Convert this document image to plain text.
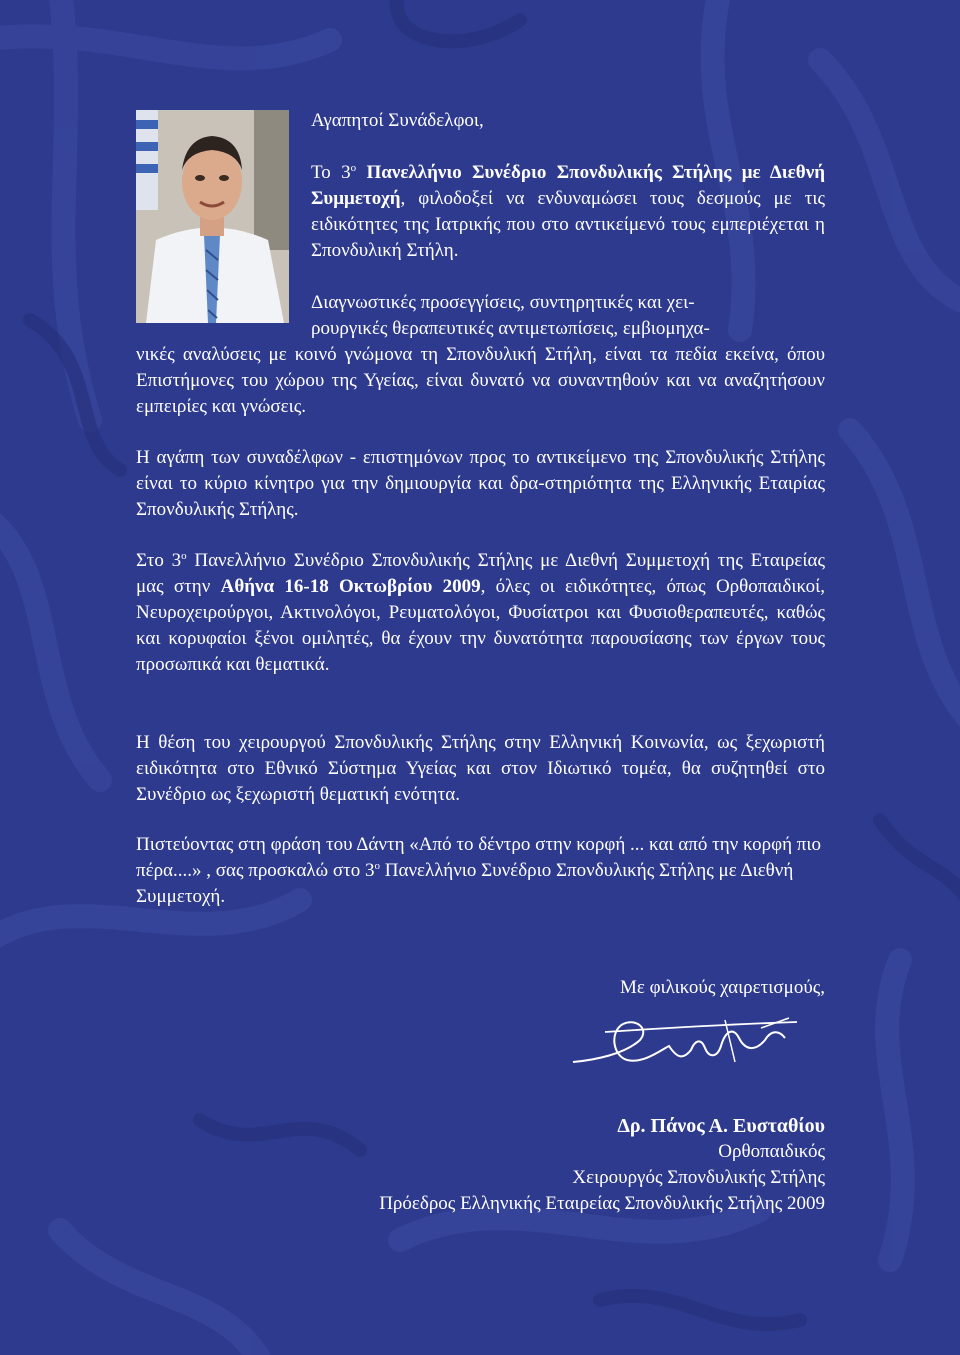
Αγαπητοί Συνάδελφοι,
Το $3^o$ Πανελλήνιο Συνέδριο Σπονδυλικής Στήλης με Διεθνή Συμμετοχή, φιλοδοξεί να ενδυναμώσει τους δεσμούς με τις ειδικότητες της Ιατρικής που στο αντικείμενό τους εμπεριέχεται η Σπονδυλική Στήλη.
Διαγνωστικές προσεγγίσεις, συντηρητικές και χει-
ρουργικές θεραπευτικές αντιμετωπίσεις, εμβιομηχα-
νικές αναλύσεις με κοινό γνώμονα τη Σπονδυλική Στήλη, είναι τα πεδία εκείνα, όπου Επιστήμονες του χώρου της Υγείας, είναι δυνατό να συναντηθούν και να αναζητήσουν εμπειρίες και γνώσεις.
Η αγάπη των συναδέλφων - επιστημόνων προς το αντικείμενο της Σπονδυλικής Στήλης είναι το κύριο κίνητρο για την δημιουργία και δρα-στηριότητα της Ελληνικής Εταιρίας Σπονδυλικής Στήλης.
Στο $3^o$ Πανελλήνιο Συνέδριο Σπονδυλικής Στήλης με Διεθνή Συμμετοχή της Εταιρείας μας στην Αθήνα 16-18 Οκτωβρίου 2009, όλες οι ειδικότητες, όπως Ορθοπαιδικοί, Νευροχειρούργοι, Ακτινολόγοι, Ρευματολόγοι, Φυσίατροι και Φυσιοθεραπευτές, καθώς και κορυφαίοι ξένοι ομιλητές, θα έχουν την δυνατότητα παρουσίασης των έργων τους προσωπικά και θεματικά.
Η θέση του χειρουργού Σπονδυλικής Στήλης στην Ελληνική Κοινωνία, ως ξεχωριστή ειδικότητα στο Εθνικό Σύστημα Υγείας και στον Ιδιωτικό τομέα, θα συζητηθεί στο Συνέδριο ως ξεχωριστή θεματική ενότητα.
Πιστεύοντας στη φράση του Δάντη «Από το δέντρο στην κορφή ... και από την κορφή πιο πέρα....» , σας προσκαλώ στο $3^o$ Πανελλήνιο Συνέδριο Σπονδυλικής Στήλης με Διεθνή Συμμετοχή.
Με φιλικούς χαιρετισμούς,
Δρ. Πάνος Α. Ευσταθίου
Ορθοπαιδικός
Χειρουργός Σπονδυλικής Στήλης
Πρόεδρος Ελληνικής Εταιρείας Σπονδυλικής Στήλης 2009
